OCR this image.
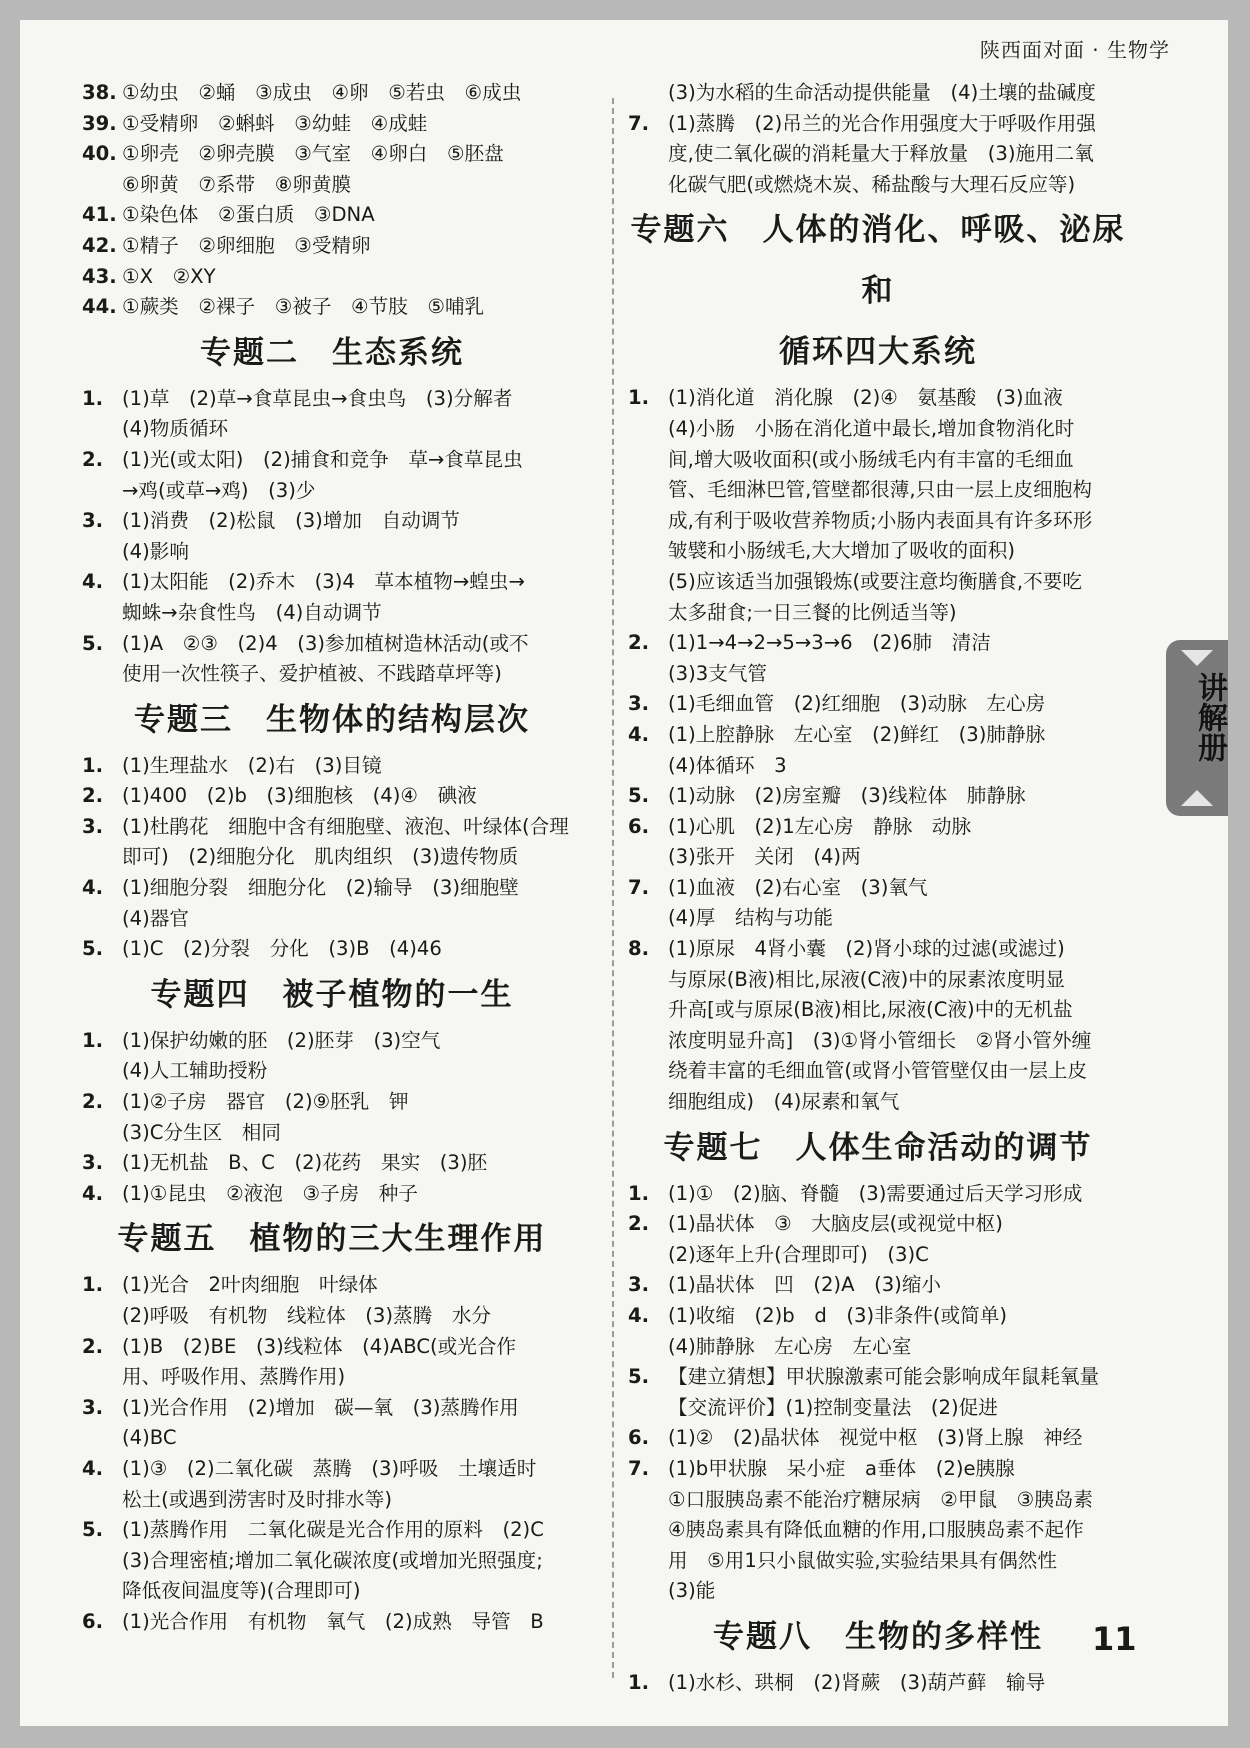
陕西面对面 · 生物学
38. ①幼虫　②蛹　③成虫　④卵　⑤若虫　⑥成虫
39. ①受精卵　②蝌蚪　③幼蛙　④成蛙
40. ①卵壳　②卵壳膜　③气室　④卵白　⑤胚盘
⑥卵黄　⑦系带　⑧卵黄膜
41. ①染色体　②蛋白质　③DNA
42. ①精子　②卵细胞　③受精卵
43. ①X　②XY
44. ①蕨类　②裸子　③被子　④节肢　⑤哺乳
专题二　生态系统
1. (1)草　(2)草→食草昆虫→食虫鸟　(3)分解者
(4)物质循环
2. (1)光(或太阳)　(2)捕食和竞争　草→食草昆虫
→鸡(或草→鸡)　(3)少
3. (1)消费　(2)松鼠　(3)增加　自动调节
(4)影响
4. (1)太阳能　(2)乔木　(3)4　草本植物→蝗虫→
蜘蛛→杂食性鸟　(4)自动调节
5. (1)A　②③　(2)4　(3)参加植树造林活动(或不
使用一次性筷子、爱护植被、不践踏草坪等)
专题三　生物体的结构层次
1. (1)生理盐水　(2)右　(3)目镜
2. (1)400　(2)b　(3)细胞核　(4)④　碘液
3. (1)杜鹃花　细胞中含有细胞壁、液泡、叶绿体(合理
即可)　(2)细胞分化　肌肉组织　(3)遗传物质
4. (1)细胞分裂　细胞分化　(2)输导　(3)细胞壁
(4)器官
5. (1)C　(2)分裂　分化　(3)B　(4)46
专题四　被子植物的一生
1. (1)保护幼嫩的胚　(2)胚芽　(3)空气
(4)人工辅助授粉
2. (1)②子房　器官　(2)⑨胚乳　钾
(3)C分生区　相同
3. (1)无机盐　B、C　(2)花药　果实　(3)胚
4. (1)①昆虫　②液泡　③子房　种子
专题五　植物的三大生理作用
1. (1)光合　2叶肉细胞　叶绿体
(2)呼吸　有机物　线粒体　(3)蒸腾　水分
2. (1)B　(2)BE　(3)线粒体　(4)ABC(或光合作
用、呼吸作用、蒸腾作用)
3. (1)光合作用　(2)增加　碳—氧　(3)蒸腾作用
(4)BC
4. (1)③　(2)二氧化碳　蒸腾　(3)呼吸　土壤适时
松土(或遇到涝害时及时排水等)
5. (1)蒸腾作用　二氧化碳是光合作用的原料　(2)C
(3)合理密植;增加二氧化碳浓度(或增加光照强度;
降低夜间温度等)(合理即可)
6. (1)光合作用　有机物　氧气　(2)成熟　导管　B
(3)为水稻的生命活动提供能量　(4)土壤的盐碱度
7. (1)蒸腾　(2)吊兰的光合作用强度大于呼吸作用强
度,使二氧化碳的消耗量大于释放量　(3)施用二氧
化碳气肥(或燃烧木炭、稀盐酸与大理石反应等)
专题六　人体的消化、呼吸、泌尿和
循环四大系统
1. (1)消化道　消化腺　(2)④　氨基酸　(3)血液
(4)小肠　小肠在消化道中最长,增加食物消化时
间,增大吸收面积(或小肠绒毛内有丰富的毛细血
管、毛细淋巴管,管壁都很薄,只由一层上皮细胞构
成,有利于吸收营养物质;小肠内表面具有许多环形
皱襞和小肠绒毛,大大增加了吸收的面积)
(5)应该适当加强锻炼(或要注意均衡膳食,不要吃
太多甜食;一日三餐的比例适当等)
2. (1)1→4→2→5→3→6　(2)6肺　清洁
(3)3支气管
3. (1)毛细血管　(2)红细胞　(3)动脉　左心房
4. (1)上腔静脉　左心室　(2)鲜红　(3)肺静脉
(4)体循环　3
5. (1)动脉　(2)房室瓣　(3)线粒体　肺静脉
6. (1)心肌　(2)1左心房　静脉　动脉
(3)张开　关闭　(4)两
7. (1)血液　(2)右心室　(3)氧气
(4)厚　结构与功能
8. (1)原尿　4肾小囊　(2)肾小球的过滤(或滤过)
与原尿(B液)相比,尿液(C液)中的尿素浓度明显
升高[或与原尿(B液)相比,尿液(C液)中的无机盐
浓度明显升高]　(3)①肾小管细长　②肾小管外缠
绕着丰富的毛细血管(或肾小管管壁仅由一层上皮
细胞组成)　(4)尿素和氧气
专题七　人体生命活动的调节
1. (1)①　(2)脑、脊髓　(3)需要通过后天学习形成
2. (1)晶状体　③　大脑皮层(或视觉中枢)
(2)逐年上升(合理即可)　(3)C
3. (1)晶状体　凹　(2)A　(3)缩小
4. (1)收缩　(2)b　d　(3)非条件(或简单)
(4)肺静脉　左心房　左心室
5. 【建立猜想】甲状腺激素可能会影响成年鼠耗氧量
【交流评价】(1)控制变量法　(2)促进
6. (1)②　(2)晶状体　视觉中枢　(3)肾上腺　神经
7. (1)b甲状腺　呆小症　a垂体　(2)e胰腺
①口服胰岛素不能治疗糖尿病　②甲鼠　③胰岛素
④胰岛素具有降低血糖的作用,口服胰岛素不起作
用　⑤用1只小鼠做实验,实验结果具有偶然性
(3)能
专题八　生物的多样性
1. (1)水杉、珙桐　(2)肾蕨　(3)葫芦藓　输导
讲解册
11
